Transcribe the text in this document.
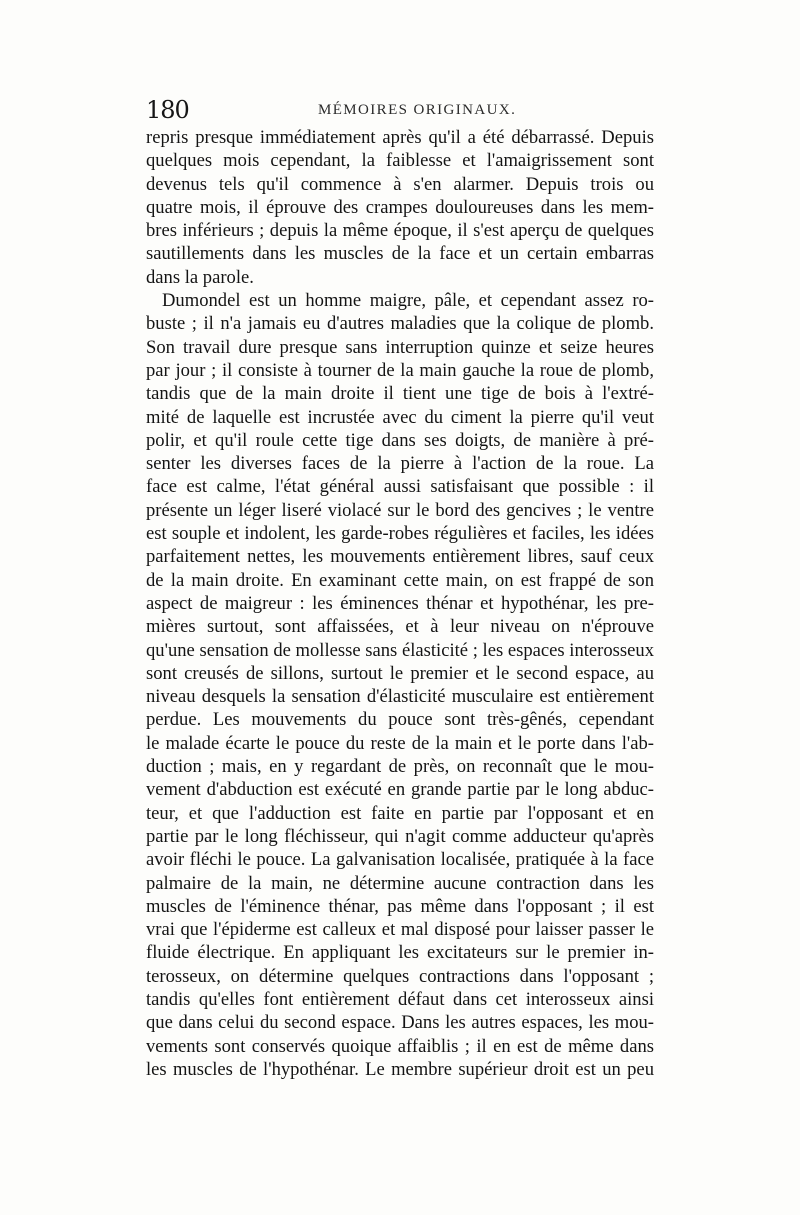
180	MÉMOIRES ORIGINAUX.
repris presque immédiatement après qu'il a été débarrassé. Depuis
quelques mois cependant, la faiblesse et l'amaigrissement sont
devenus tels qu'il commence à s'en alarmer. Depuis trois ou
quatre mois, il éprouve des crampes douloureuses dans les mem-
bres inférieurs ; depuis la même époque, il s'est aperçu de quelques
sautillements dans les muscles de la face et un certain embarras
dans la parole.
Dumondel est un homme maigre, pâle, et cependant assez ro-
buste ; il n'a jamais eu d'autres maladies que la colique de plomb.
Son travail dure presque sans interruption quinze et seize heures
par jour ; il consiste à tourner de la main gauche la roue de plomb,
tandis que de la main droite il tient une tige de bois à l'extré-
mité de laquelle est incrustée avec du ciment la pierre qu'il veut
polir, et qu'il roule cette tige dans ses doigts, de manière à pré-
senter les diverses faces de la pierre à l'action de la roue. La
face est calme, l'état général aussi satisfaisant que possible : il
présente un léger liseré violacé sur le bord des gencives ; le ventre
est souple et indolent, les garde-robes régulières et faciles, les idées
parfaitement nettes, les mouvements entièrement libres, sauf ceux
de la main droite. En examinant cette main, on est frappé de son
aspect de maigreur : les éminences thénar et hypothénar, les pre-
mières surtout, sont affaissées, et à leur niveau on n'éprouve
qu'une sensation de mollesse sans élasticité ; les espaces interosseux
sont creusés de sillons, surtout le premier et le second espace, au
niveau desquels la sensation d'élasticité musculaire est entièrement
perdue. Les mouvements du pouce sont très-gênés, cependant
le malade écarte le pouce du reste de la main et le porte dans l'ab-
duction ; mais, en y regardant de près, on reconnaît que le mou-
vement d'abduction est exécuté en grande partie par le long abduc-
teur, et que l'adduction est faite en partie par l'opposant et en
partie par le long fléchisseur, qui n'agit comme adducteur qu'après
avoir fléchi le pouce. La galvanisation localisée, pratiquée à la face
palmaire de la main, ne détermine aucune contraction dans les
muscles de l'éminence thénar, pas même dans l'opposant ; il est
vrai que l'épiderme est calleux et mal disposé pour laisser passer le
fluide électrique. En appliquant les excitateurs sur le premier in-
terosseux, on détermine quelques contractions dans l'opposant ;
tandis qu'elles font entièrement défaut dans cet interosseux ainsi
que dans celui du second espace. Dans les autres espaces, les mou-
vements sont conservés quoique affaiblis ; il en est de même dans
les muscles de l'hypothénar. Le membre supérieur droit est un peu
